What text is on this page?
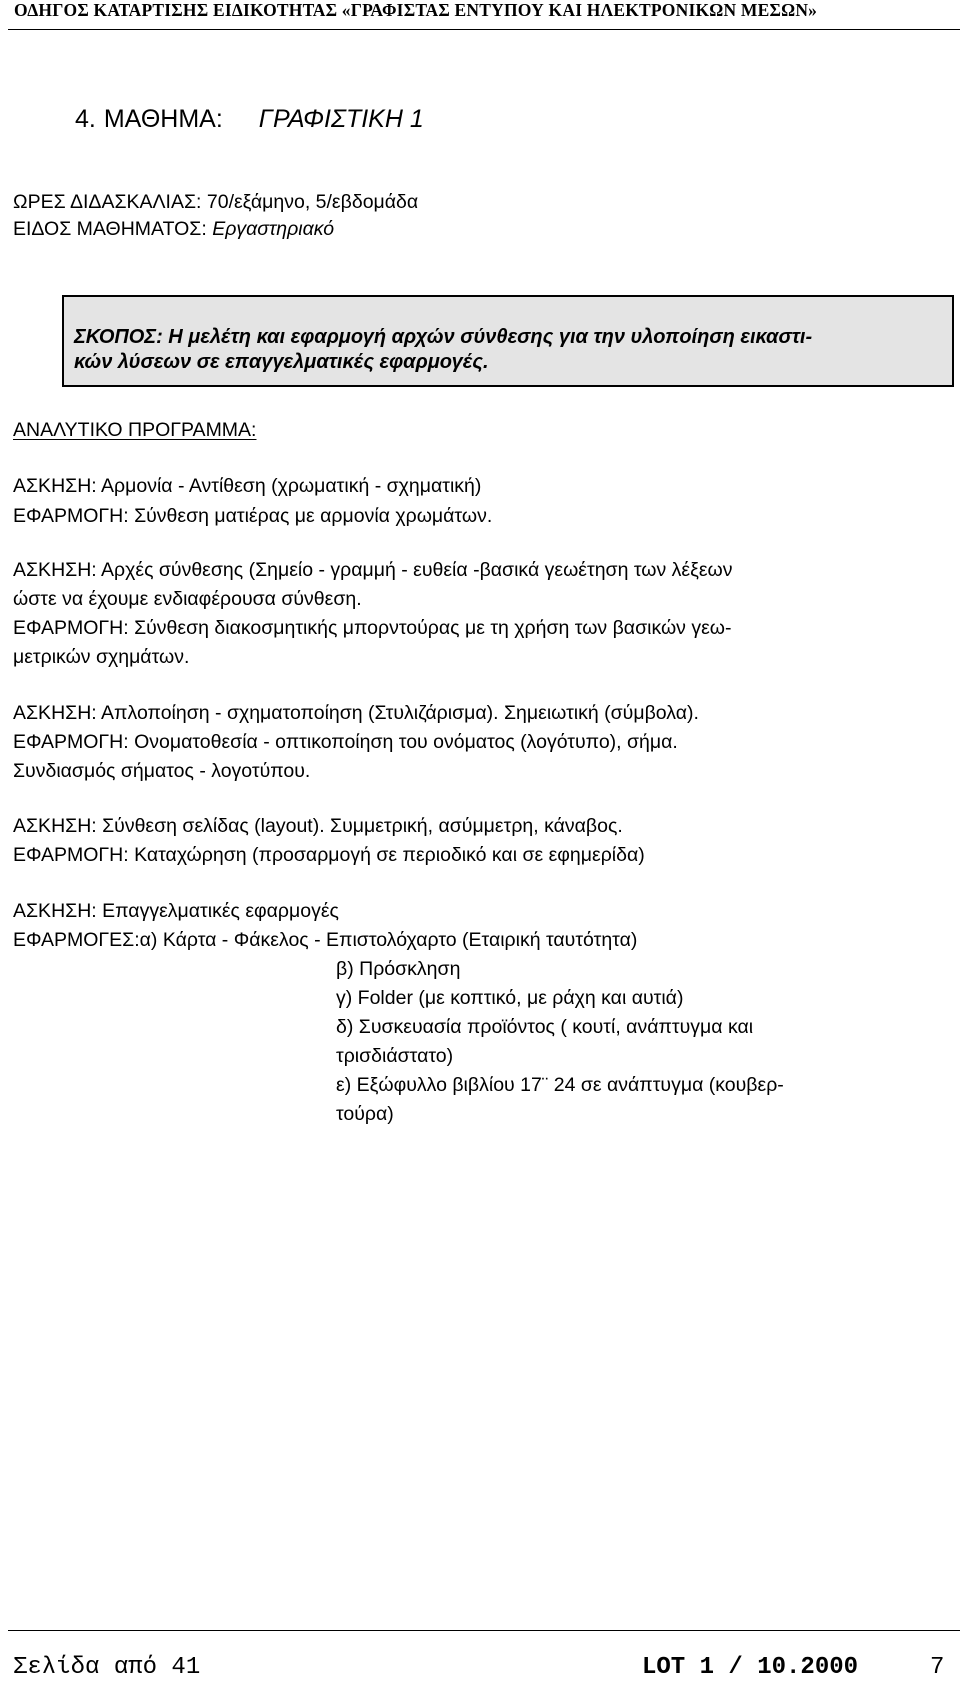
ΟΔΗΓΟΣ ΚΑΤΑΡΤΙΣΗΣ ΕΙΔΙΚΟΤΗΤΑΣ «ΓΡΑΦΙΣΤΑΣ ΕΝΤΥΠΟΥ ΚΑΙ ΗΛΕΚΤΡΟΝΙΚΩΝ ΜΕΣΩΝ»
4. ΜΑΘΗΜΑ: ΓΡΑΦΙΣΤΙΚΗ 1
ΩΡΕΣ ΔΙΔΑΣΚΑΛΙΑΣ: 70/εξάμηνο, 5/εβδομάδα
ΕΙΔΟΣ ΜΑΘΗΜΑΤΟΣ: Εργαστηριακό
ΣΚΟΠΟΣ: Η μελέτη και εφαρμογή αρχών σύνθεσης για την υλοποίηση εικαστι-
κών λύσεων σε επαγγελματικές εφαρμογές.
ΑΝΑΛΥΤΙΚΟ ΠΡΟΓΡΑΜΜΑ:
ΑΣΚΗΣΗ: Αρμονία - Αντίθεση (χρωματική - σχηματική)
ΕΦΑΡΜΟΓΗ: Σύνθεση ματιέρας με αρμονία χρωμάτων.
ΑΣΚΗΣΗ: Αρχές σύνθεσης (Σημείο - γραμμή - ευθεία -βασικά γεωέτηση των λέξεων
ώστε να έχουμε ενδιαφέρουσα σύνθεση.
ΕΦΑΡΜΟΓΗ: Σύνθεση διακοσμητικής μπορντούρας με τη χρήση των βασικών γεω-
μετρικών σχημάτων.
ΑΣΚΗΣΗ: Απλοποίηση - σχηματοποίηση (Στυλιζάρισμα). Σημειωτική (σύμβολα).
ΕΦΑΡΜΟΓΗ: Ονοματοθεσία - οπτικοποίηση του ονόματος (λογότυπο), σήμα.
Συνδιασμός σήματος - λογοτύπου.
ΑΣΚΗΣΗ: Σύνθεση σελίδας (layout). Συμμετρική, ασύμμετρη, κάναβος.
ΕΦΑΡΜΟΓΗ: Καταχώρηση (προσαρμογή σε περιοδικό και σε εφημερίδα)
ΑΣΚΗΣΗ: Επαγγελματικές εφαρμογές
ΕΦΑΡΜΟΓΕΣ:α) Κάρτα - Φάκελος - Επιστολόχαρτο (Εταιρική ταυτότητα)
β) Πρόσκληση
γ) Folder (με κοπτικό, με ράχη και αυτιά)
δ) Συσκευασία προϊόντος ( κουτί, ανάπτυγμα και
τρισδιάστατο)
ε) Εξώφυλλο βιβλίου 17¨ 24 σε ανάπτυγμα (κουβερ-
τούρα)
Σελίδα από 41	LOT 1 / 10.2000	7
